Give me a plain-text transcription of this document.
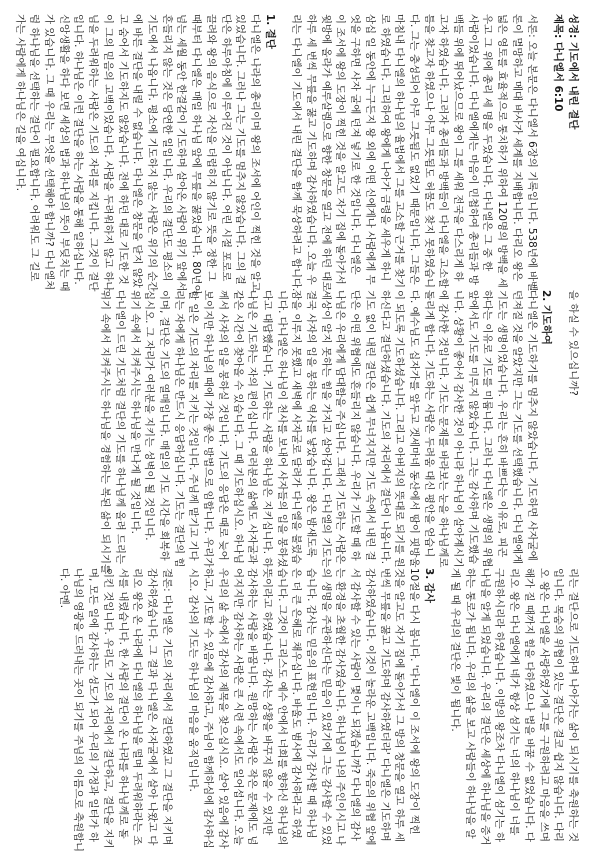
성경: 기도에서 내린 결단
제목: 다니엘서 6:10
서론: 오늘 본문은 다니엘서 6장의 기록입니다. 538년에 바벨
론이 멸망하고 메대 바사가 세계를 지배합니다. 다리오 왕은
넓은 영토를 효율적으로 통치하기 위하여 120명의 방백을 세
우고 그 위에 총리 세 명을 두었습니다. 다니엘은 그 중 한
사람이었습니다. 다니엘에게는 마음이 민첩하여 총리들과 방
백들 위에 뛰어났으므로 왕이 그를 세워 전국을 다스리게 하
고자 하였습니다. 그러자 총리들과 방백들이 다니엘을 고소할
틈을 찾고자 하였으나 아무 그릇됨도 허물도 찾지 못하였습니
다. 그는 충성되어 아무 그릇됨도 없었기 때문입니다. 그들은
마침내 다니엘의 하나님의 율법에서 그를 고소할 근거를 찾기
로 하였습니다. 그리하여 왕에게 나아가 금령을 세우게 하니
삼십 일 동안에 누구든지 왕 외에 어떤 신에게나 사람에게 무
엇을 구하면 사자 굴에 던져 넣기로 한 것입니다. 다니엘은
이 조서에 왕의 도장이 찍힌 것을 알고도 자기 집에 돌아가서
윗방에 올라가 예루살렘으로 향한 창문을 열고 전에 하던 대로
하루 세 번씩 무릎을 꿇고 기도하며 감사하였습니다. 오늘 우
리는 다니엘이 기도에서 내린 결단을 함께 묵상하려고 합니다.
1. 결단
다니엘은 나라의 총리이며 왕의 조서에 어인이 찍힌 것을 알고
있었습니다. 그러나 그는 기도를 멈추지 않았습니다. 그의 결
단은 하루아침에 이루어진 것이 아닙니다. 어린 시절 포로로
끌려와 왕의 음식으로 자신을 더럽히지 않기로 뜻을 정한 그
때부터 다니엘은 매일 하나님 앞에 무릎을 꿇었습니다. 80년이
넘는 세월 동안 한결같이 기도하며 살아온 사람이 위기 앞에서
흔들리지 않는 것은 당연한 일입니다. 우리의 결단도 평소의
기도에서 나옵니다. 평소에 기도하지 않는 사람은 위기의 순간
에 바른 결단을 내릴 수 없습니다. 다니엘은 창문을 닫지 않았
고 숨어서 기도하지도 않았습니다. 전에 하던 대로 기도한 것
이 그의 믿음의 고백이었습니다. 사람을 두려워하지 않고 하나
님을 두려워하는 사람은 기도의 자리를 지킵니다. 그것이 결단
입니다. 하나님은 이런 결단을 하는 사람을 통해 일하십니다.
신앙생활을 하다 보면 세상의 법과 하나님의 뜻이 부딪치는 때
가 있습니다. 그 때 우리는 무엇을 선택해야 합니까? 다니엘처
럼 하나님을 선택하는 결단이 필요합니다. 어려워도 그 길로
가는 사람에게 하나님은 길을 여십니다.
을 하실 수 있으십니까?
2. 기도하여
다니엘은 기도하기를 멈추지 않았습니다. 기도하면 사자굴에
던져질 것을 알았지만 그는 기도를 선택했습니다. 다니엘에게
기도는 생명이었습니다. 우리는 흔히 바쁘다는 이유로, 피곤
하다는 이유로 기도를 미룹니다. 그러나 다니엘은 생명의 위협
앞에서도 기도를 미루지 않았습니다. 그는 감사하며 기도했습
니다. 상황이 좋아서 감사한 것이 아니라 하나님이 살아계시기
에 감사한 것입니다. 기도는 문제를 바라보는 눈을 하나님께로
돌리게 합니다. 기도하는 사람은 두려움 대신 평안을 얻습니
다. 예수님도 십자가를 앞두고 겟세마네 동산에서 땀이 핏방울
이 되도록 기도하셨습니다. 그리고 아버지의 뜻대로 되기를 원
하신다고 결단하셨습니다. 기도의 자리에서 결단이 나옵니다.
기도 없이 내린 결단은 쉽게 무너지지만 기도 속에서 내린 결
단은 어떤 위협에도 흔들리지 않습니다. 우리가 기도할 때 하
나님은 우리에게 담대함을 주십니다. 그래서 기도하는 사람은
세상이 알지 못하는 힘을 가지고 살아갑니다. 다니엘의 기도는
결국 사자의 입을 봉하는 역사를 낳았습니다. 왕은 밤새도록
잠을 이루지 못했고 새벽에 사자굴로 달려가 다니엘을 불렀습
니다. 다니엘은 하나님이 천사를 보내어 사자들의 입을 봉하셨
다고 대답했습니다. 기도하는 사람을 하나님은 지키십니다. 하
나님은 기도하는 자의 편이십니다. 여러분의 삶에도 사자굴과
같은 시간이 찾아올 수 있습니다. 그 때 기도하십시오. 하나님
께서 사자의 입을 봉하실 것입니다. 기도의 응답은 때로 늦어
보이지만 하나님의 때에 가장 좋은 방법으로 임합니다. 우리가
할 일은 기도의 자리를 지키는 것입니다. 주님께 맡기고 기다
리는 자에게 하나님은 반드시 응답하십니다. 기도는 결단의 힘
이며, 결단은 기도의 열매입니다. 매일의 기도 시간을 회복하
십시오. 그 자리가 여러분을 지키는 성벽이 될 것입니다.
위기 속에서 지켜주시는 하나님을 만나게 될 것입니다.
다니엘이 드린 기도처럼 결단의 기도를 하나님께 올려 드리는
위기 속에서 지켜주시는 하나님을 경험하는 복된 삶이 되시기를
리는 결단으로 기도하며 나아가는 삶이 되시기를 축원하는 것
입니다. 목숨의 위협이 있는 결단은 결코 쉽지 않습니다. 다리
오 왕은 다니엘을 사랑하였기에 그를 구원하려고 마음을 쓰며
해가 질 때까지 힘을 다하였으나 법을 바꿀 수 없었습니다. 다
리오 왕은 다니엘에게 네가 항상 섬기는 너의 하나님이 너를
구원하시리라 하였습니다. 이방의 왕조차 다니엘이 섬기는 하
나님을 알게 되었습니다. 우리의 결단은 세상에 하나님을 증거
하는 통로가 됩니다. 우리의 삶을 보고 사람들이 하나님을 알
게 될 때 우리의 결단은 빛이 됩니다.
3. 감사
10절을 다시 봅니다. '다니엘이 이 조서에 왕의 도장이 찍힌
것을 알고도 자기 집에 돌아가서 그 방의 창문을 열고 하루 세
번씩 무릎을 꿇고 기도하며 감사하였더라' 다니엘은 기도하며
감사하였습니다. 이것이 놀라운 고백입니다. 죽음의 위협 앞에
서 감사할 수 있는 사람이 몇이나 되겠습니까? 다니엘의 감사
는 환경을 초월한 감사였습니다. 하나님이 나의 주인이시고 나
의 생명을 주관하신다는 믿음이 있었기에 그는 감사할 수 있었
습니다. 감사는 믿음의 표현입니다. 우리가 감사할 때 하나님
은 더 큰 은혜로 채우십니다. 바울도 범사에 감사하라고 하였
습니다. 그것이 그리스도 예수 안에서 너희를 향하신 하나님의
뜻이라고 하였습니다. 감사는 상황을 바꾸지 않을 수 있지만
감사하는 사람을 바꿉니다. 원망하는 사람은 작은 문제에도 넘
어지지만 감사하는 사람은 큰 시련 속에서도 일어섭니다. 오늘
우리의 삶 속에서 감사의 제목을 찾으십시오. 살아 있음에 감사
하고, 기도할 수 있음에 감사하고, 주님이 함께하심에 감사하십
시오. 감사의 기도는 하나님의 마음을 움직입니다.
결론: 다니엘은 기도의 자리에서 결단하였고 그 결단을 지키며
감사하였습니다. 그 결과 다니엘은 사자굴에서 살아 나왔고 다
리오 왕은 온 나라에 다니엘의 하나님을 떨며 두려워하라는 조
서를 내렸습니다. 한 사람의 결단이 온 나라를 하나님께로 돌
이킨 것입니다. 우리도 기도의 자리에서 결단하고, 결단을 지키
며, 모든 일에 감사하는 성도가 되어 우리의 가정과 일터가 하
나님의 영광을 드러내는 곳이 되기를 주님의 이름으로 축원합니
다. 아멘.
